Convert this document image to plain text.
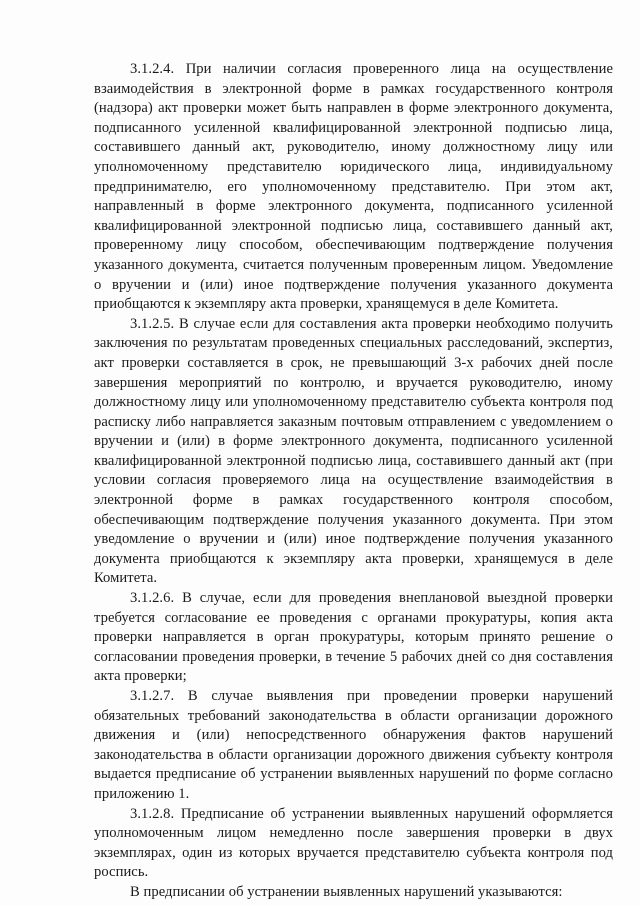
3.1.2.4. При наличии согласия проверенного лица на осуществление взаимодействия в электронной форме в рамках государственного контроля (надзора) акт проверки может быть направлен в форме электронного документа, подписанного усиленной квалифицированной электронной подписью лица, составившего данный акт, руководителю, иному должностному лицу или уполномоченному представителю юридического лица, индивидуальному предпринимателю, его уполномоченному представителю. При этом акт, направленный в форме электронного документа, подписанного усиленной квалифицированной электронной подписью лица, составившего данный акт, проверенному лицу способом, обеспечивающим подтверждение получения указанного документа, считается полученным проверенным лицом. Уведомление о вручении и (или) иное подтверждение получения указанного документа приобщаются к экземпляру акта проверки, хранящемуся в деле Комитета.

3.1.2.5. В случае если для составления акта проверки необходимо получить заключения по результатам проведенных специальных расследований, экспертиз, акт проверки составляется в срок, не превышающий 3-х рабочих дней после завершения мероприятий по контролю, и вручается руководителю, иному должностному лицу или уполномоченному представителю субъекта контроля под расписку либо направляется заказным почтовым отправлением с уведомлением о вручении и (или) в форме электронного документа, подписанного усиленной квалифицированной электронной подписью лица, составившего данный акт (при условии согласия проверяемого лица на осуществление взаимодействия в электронной форме в рамках государственного контроля способом, обеспечивающим подтверждение получения указанного документа. При этом уведомление о вручении и (или) иное подтверждение получения указанного документа приобщаются к экземпляру акта проверки, хранящемуся в деле Комитета.

3.1.2.6. В случае, если для проведения внеплановой выездной проверки требуется согласование ее проведения с органами прокуратуры, копия акта проверки направляется в орган прокуратуры, которым принято решение о согласовании проведения проверки, в течение 5 рабочих дней со дня составления акта проверки;

3.1.2.7. В случае выявления при проведении проверки нарушений обязательных требований законодательства в области организации дорожного движения и (или) непосредственного обнаружения фактов нарушений законодательства в области организации дорожного движения субъекту контроля выдается предписание об устранении выявленных нарушений по форме согласно приложению 1.

3.1.2.8. Предписание об устранении выявленных нарушений оформляется уполномоченным лицом немедленно после завершения проверки в двух экземплярах, один из которых вручается представителю субъекта контроля под роспись.

В предписании об устранении выявленных нарушений указываются:
